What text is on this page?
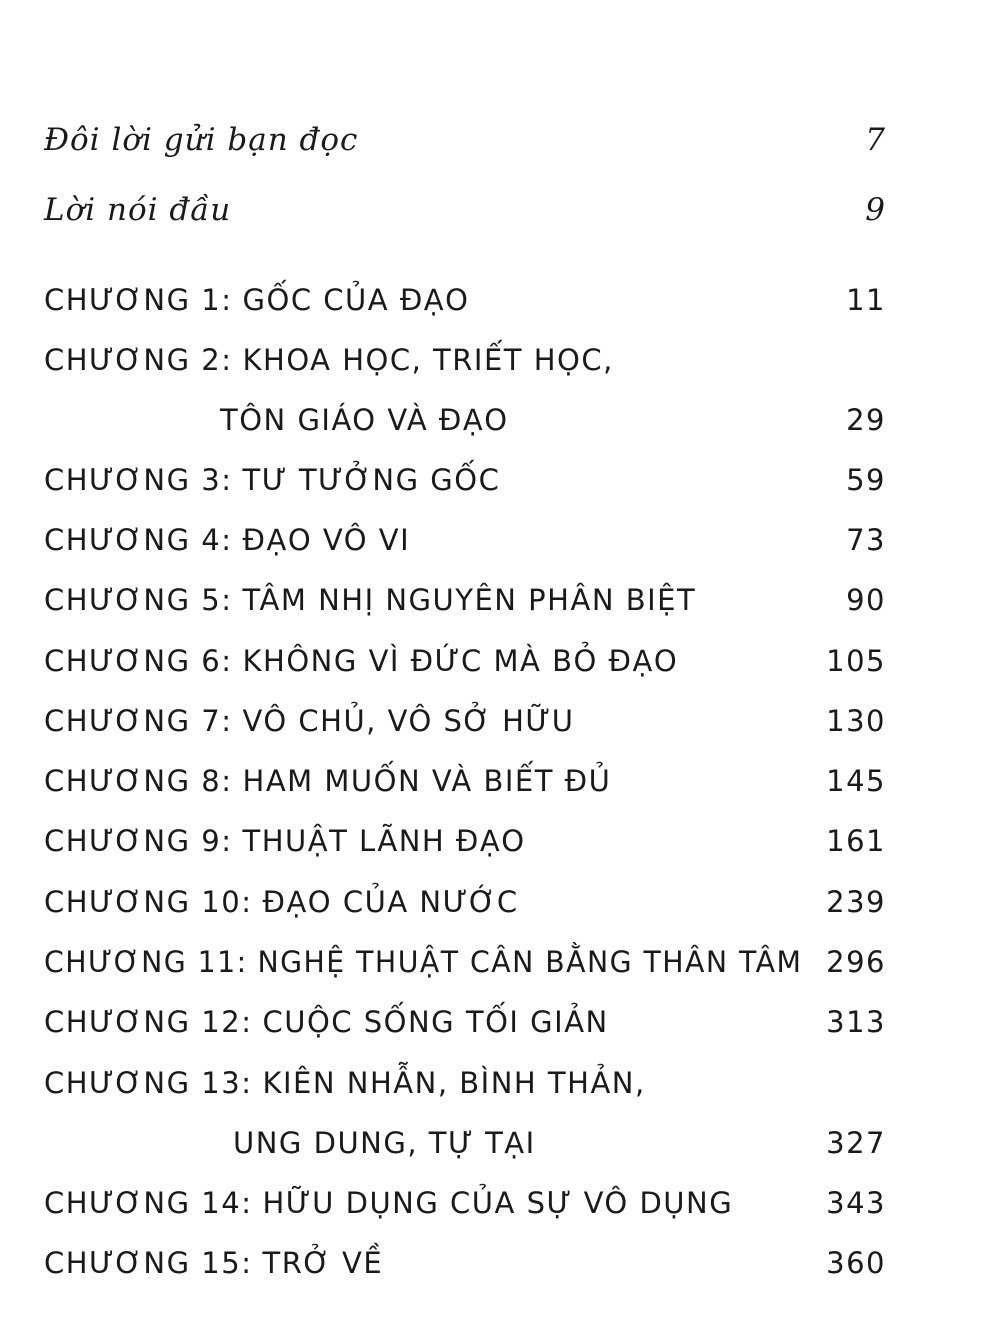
Đôi lời gửi bạn đọc	7
Lời nói đầu	9
CHƯƠNG 1: GỐC CỦA ĐẠO	11
CHƯƠNG 2: KHOA HỌC, TRIẾT HỌC,
TÔN GIÁO VÀ ĐẠO	29
CHƯƠNG 3: TƯ TƯỞNG GỐC	59
CHƯƠNG 4: ĐẠO VÔ VI	73
CHƯƠNG 5: TÂM NHỊ NGUYÊN PHÂN BIỆT	90
CHƯƠNG 6: KHÔNG VÌ ĐỨC MÀ BỎ ĐẠO	105
CHƯƠNG 7: VÔ CHỦ, VÔ SỞ HỮU	130
CHƯƠNG 8: HAM MUỐN VÀ BIẾT ĐỦ	145
CHƯƠNG 9: THUẬT LÃNH ĐẠO	161
CHƯƠNG 10: ĐẠO CỦA NƯỚC	239
CHƯƠNG 11: NGHỆ THUẬT CÂN BẰNG THÂN TÂM 296
CHƯƠNG 12: CUỘC SỐNG TỐI GIẢN	313
CHƯƠNG 13: KIÊN NHẪN, BÌNH THẢN,
UNG DUNG, TỰ TẠI	327
CHƯƠNG 14: HỮU DỤNG CỦA SỰ VÔ DỤNG	343
CHƯƠNG 15: TRỞ VỀ	360
